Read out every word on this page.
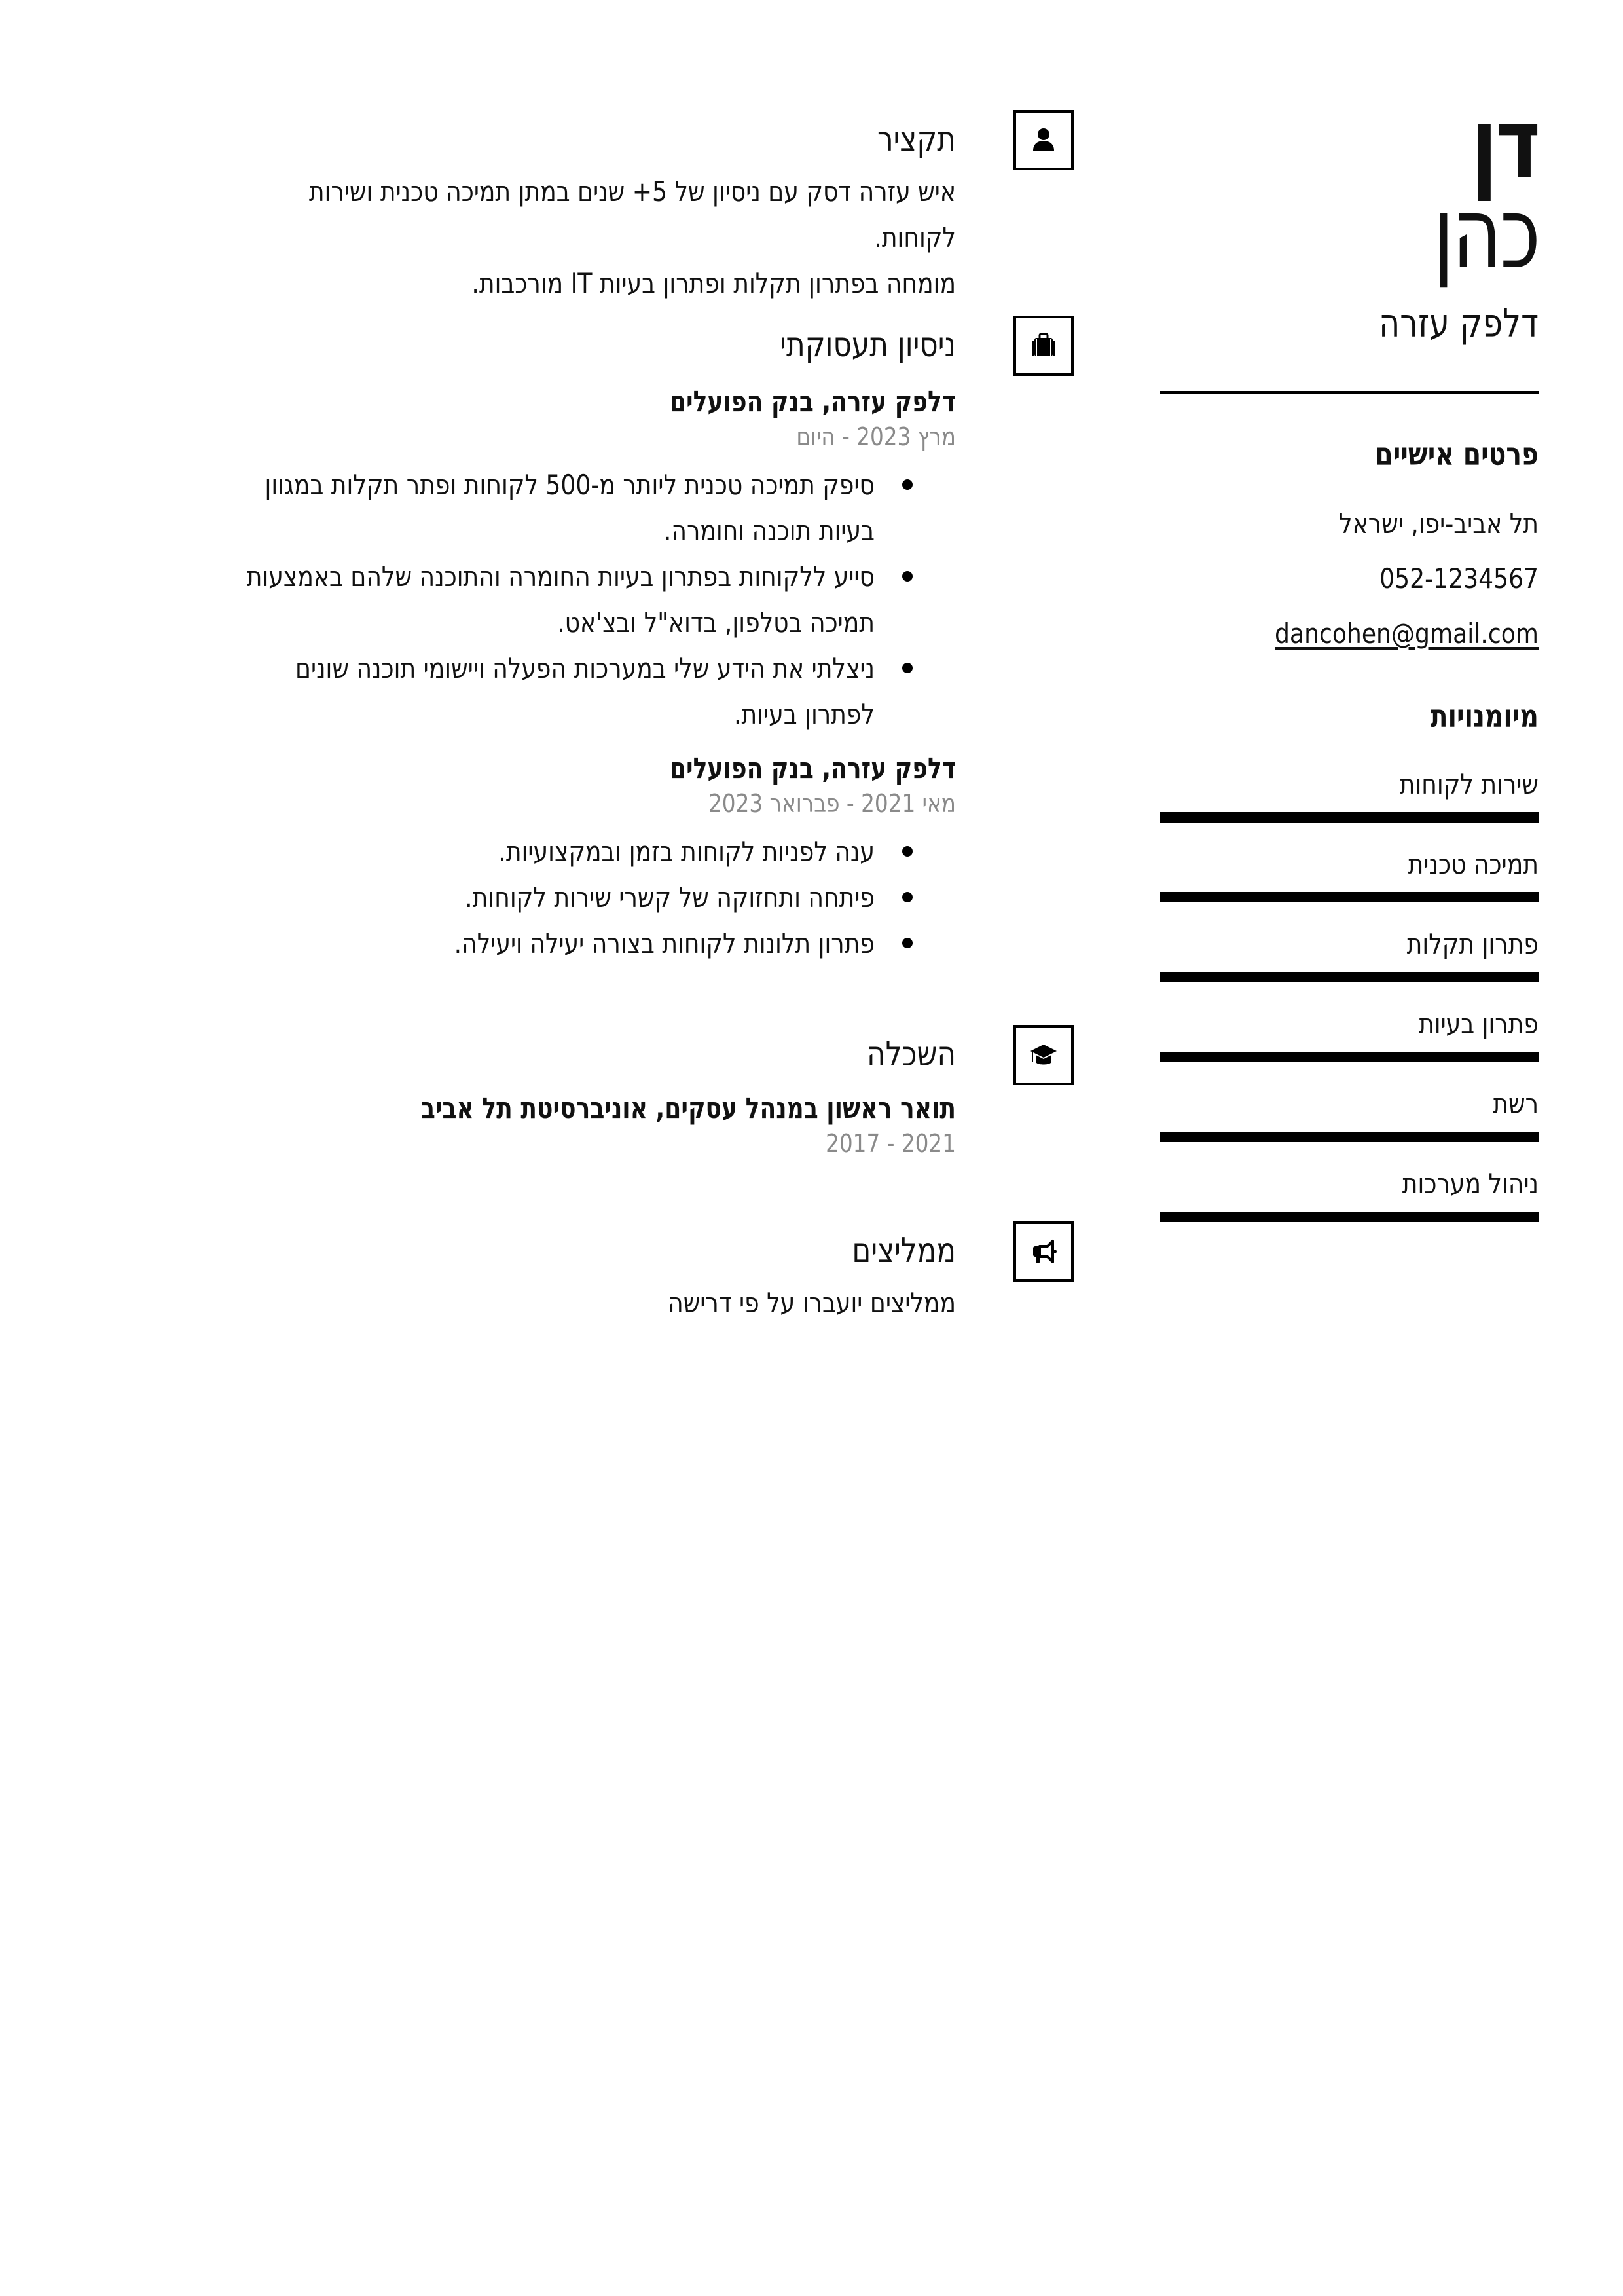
דן
כהן
דלפק עזרה
פרטים אישיים
תל אביב-יפו, ישראל
052-1234567
dancohen@gmail.com
מיומנויות
שירות לקוחות
תמיכה טכנית
פתרון תקלות
פתרון בעיות
רשת
ניהול מערכות
תקציר
איש עזרה דסק עם ניסיון של 5+ שנים במתן תמיכה טכנית ושירות לקוחות.
מומחה בפתרון תקלות ופתרון בעיות IT מורכבות.
ניסיון תעסוקתי
דלפק עזרה, בנק הפועלים
מרץ 2023 - היום
סיפק תמיכה טכנית ליותר מ-500 לקוחות ופתר תקלות במגוון בעיות תוכנה וחומרה.
סייע ללקוחות בפתרון בעיות החומרה והתוכנה שלהם באמצעות תמיכה בטלפון, בדוא"ל ובצ'אט.
ניצלתי את הידע שלי במערכות הפעלה ויישומי תוכנה שונים לפתרון בעיות.
דלפק עזרה, בנק הפועלים
מאי 2021 - פברואר 2023
ענה לפניות לקוחות בזמן ובמקצועיות.
פיתחה ותחזוקה של קשרי שירות לקוחות.
פתרון תלונות לקוחות בצורה יעילה ויעילה.
השכלה
תואר ראשון במנהל עסקים, אוניברסיטת תל אביב
2017 - 2021
ממליצים
ממליצים יועברו על פי דרישה
